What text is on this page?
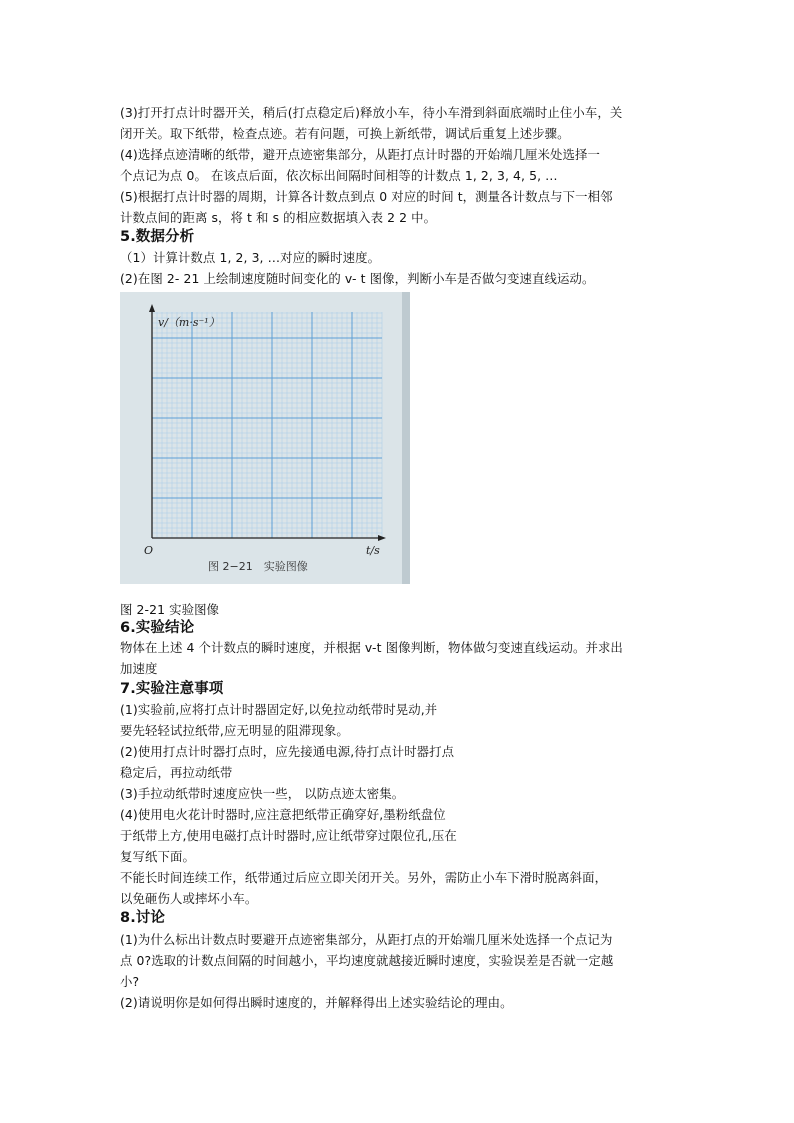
(3)打开打点计时器开关，稍后(打点稳定后)释放小车，待小车滑到斜面底端时止住小车，关
闭开关。取下纸带，检查点迹。若有问题，可换上新纸带，调试后重复上述步骤。
(4)选择点迹清晰的纸带，避开点迹密集部分，从距打点计时器的开始端几厘米处选择一
个点记为点 0。 在该点后面，依次标出间隔时间相等的计数点 1, 2, 3, 4, 5, …
(5)根据打点计时器的周期，计算各计数点到点 0 对应的时间 t，测量各计数点与下一相邻
计数点间的距离 s，将 t 和 s 的相应数据填入表 2 2 中。
5.数据分析
（1）计算计数点 1, 2, 3, …对应的瞬时速度。
v/（m·s⁻¹）
t/s
O
图 2−21　实验图像
图 2-21 实验图像
6.实验结论
物体在上述 4 个计数点的瞬时速度，并根据 v-t 图像判断，物体做匀变速直线运动。并求出
加速度
7.实验注意事项
(1)实验前,应将打点计时器固定好,以免拉动纸带时晃动,并
要先轻轻试拉纸带,应无明显的阻滞现象。
(2)使用打点计时器打点时，应先接通电源,待打点计时器打点
稳定后，再拉动纸带
(3)手拉动纸带时速度应快一些， 以防点迹太密集。
(4)使用电火花计时器时,应注意把纸带正确穿好,墨粉纸盘位
于纸带上方,使用电磁打点计时器时,应让纸带穿过限位孔,压在
复写纸下面。
不能长时间连续工作，纸带通过后应立即关闭开关。另外，需防止小车下滑时脱离斜面，
以免砸伤人或摔坏小车。
8.讨论
(1)为什么标出计数点时要避开点迹密集部分，从距打点的开始端几厘米处选择一个点记为
点 0?选取的计数点间隔的时间越小，平均速度就越接近瞬时速度，实验误差是否就一定越
小?
(2)请说明你是如何得出瞬时速度的，并解释得出上述实验结论的理由。
(2)在图 2- 21 上绘制速度随时间变化的 v- t 图像，判断小车是否做匀变速直线运动。
